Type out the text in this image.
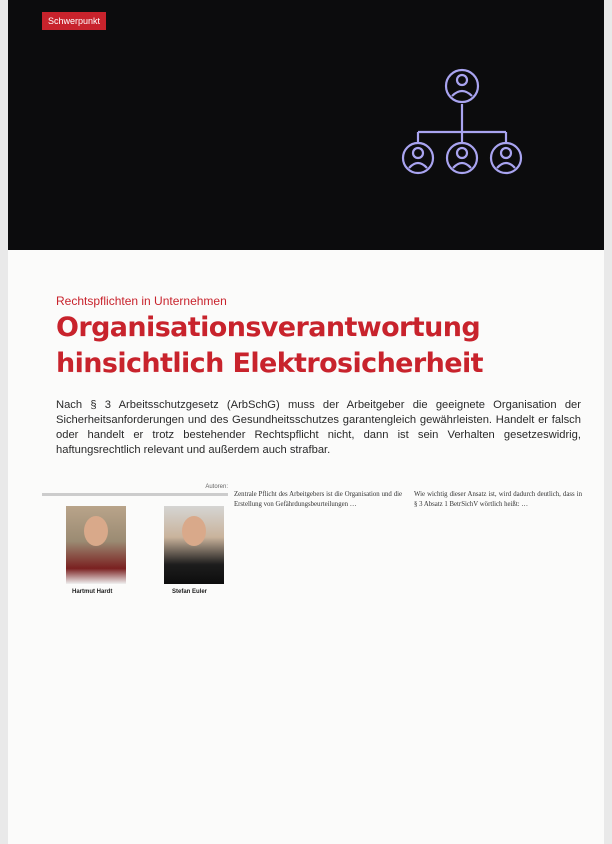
Schwerpunkt
Rechtspflichten in Unternehmen
Organisationsverantwortung
hinsichtlich Elektrosicherheit
Nach § 3 Arbeitsschutzgesetz (ArbSchG) muss der Arbeitgeber die geeignete Organisation der Sicherheitsanforderungen und des Gesundheitsschutzes garantengleich gewährleisten. Handelt er falsch oder handelt er trotz bestehender Rechtspflicht nicht, dann ist sein Verhalten gesetzeswidrig, haftungsrechtlich relevant und außerdem auch strafbar.
Autoren:
Hartmut Hardt	Stefan Euler
Zentrale Pflicht des Arbeitgebers ist die Organisation und die Erstellung von Gefährdungsbeurteilungen …
Wie wichtig dieser Ansatz ist, wird dadurch deutlich, dass in § 3 Absatz 1 BetrSichV wörtlich heißt: …
